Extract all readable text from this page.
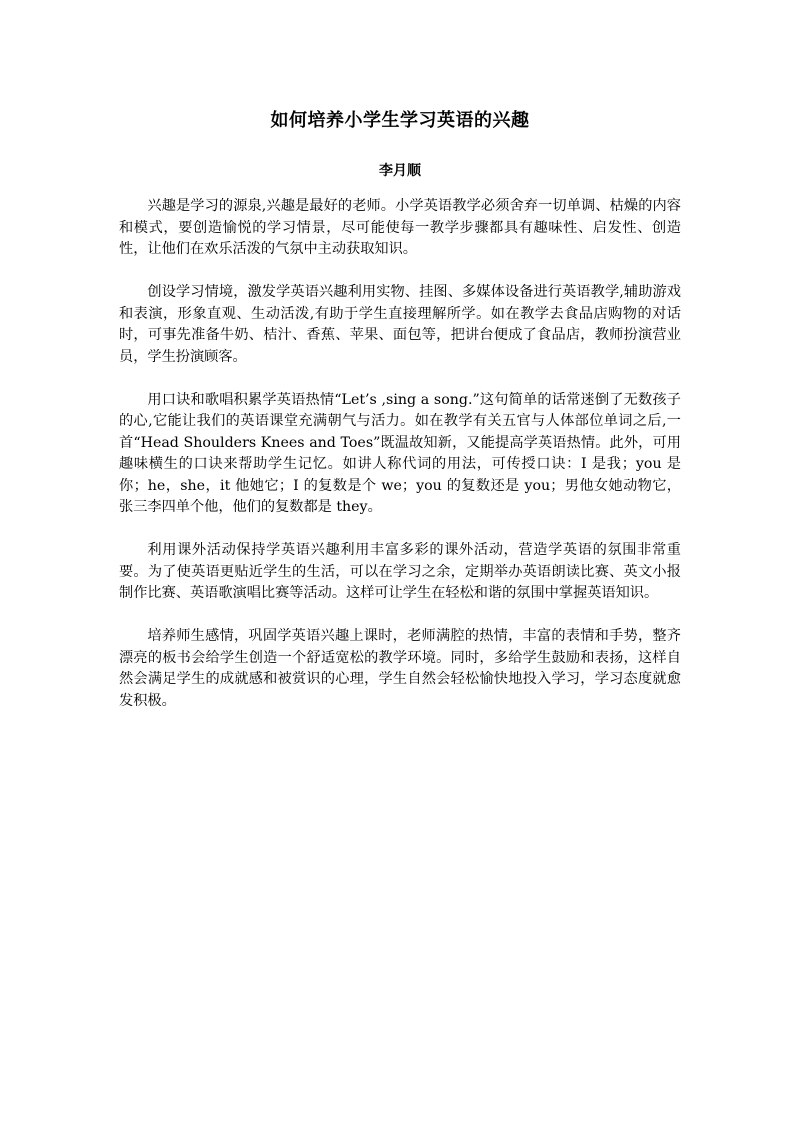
如何培养小学生学习英语的兴趣
李月顺

兴趣是学习的源泉,兴趣是最好的老师。小学英语教学必须舍弃一切单调、枯燥的内容和模式，要创造愉悦的学习情景，尽可能使每一教学步骤都具有趣味性、启发性、创造性，让他们在欢乐活泼的气氛中主动获取知识。

创设学习情境，激发学英语兴趣利用实物、挂图、多媒体设备进行英语教学,辅助游戏和表演，形象直观、生动活泼,有助于学生直接理解所学。如在教学去食品店购物的对话时，可事先准备牛奶、桔汁、香蕉、苹果、面包等，把讲台便成了食品店，教师扮演营业员，学生扮演顾客。

用口诀和歌唱积累学英语热情“Let’s ,sing a song.”这句简单的话常迷倒了无数孩子的心,它能让我们的英语课堂充满朝气与活力。如在教学有关五官与人体部位单词之后,一首“Head Shoulders Knees and Toes”既温故知新，又能提高学英语热情。此外，可用趣味横生的口诀来帮助学生记忆。如讲人称代词的用法，可传授口诀：I 是我；you 是你；he，she，it 他她它；I 的复数是个 we；you 的复数还是 you；男他女她动物它，张三李四单个他，他们的复数都是 they。

利用课外活动保持学英语兴趣利用丰富多彩的课外活动，营造学英语的氛围非常重要。为了使英语更贴近学生的生活，可以在学习之余，定期举办英语朗读比赛、英文小报制作比赛、英语歌演唱比赛等活动。这样可让学生在轻松和谐的氛围中掌握英语知识。

培养师生感情，巩固学英语兴趣上课时，老师满腔的热情，丰富的表情和手势，整齐漂亮的板书会给学生创造一个舒适宽松的教学环境。同时，多给学生鼓励和表扬，这样自然会满足学生的成就感和被赏识的心理，学生自然会轻松愉快地投入学习，学习态度就愈发积极。
